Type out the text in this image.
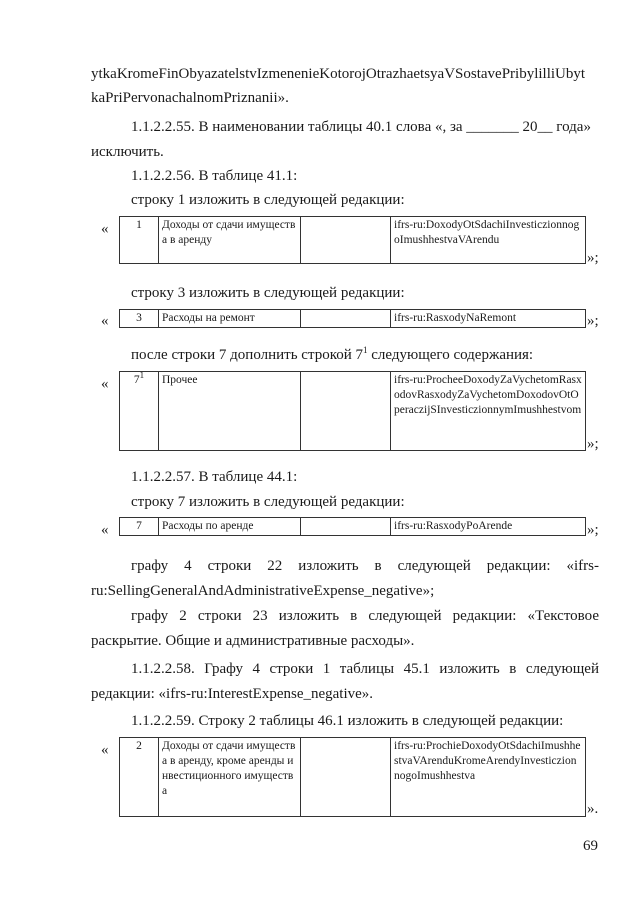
ytkaKromeFinObyazatelstvIzmenenieKotorojOtrazhaetsyaVSostavePribylilliUbyt
kaPriPervonachalnomPriznanii».
1.1.2.2.55. В наименовании таблицы 40.1 слова «, за _______ 20__ года»
исключить.
1.1.2.2.56. В таблице 41.1:
строку 1 изложить в следующей редакции:
« 1	Доходы от сдачи имущества в аренду		ifrs-ru:DoxodyOtSdachiInvesticzionnogoImushhestvaVArendu
»;
строку 3 изложить в следующей редакции:
« 3	Расходы на ремонт		ifrs-ru:RasxodyNaRemont	»;
после строки 7 дополнить строкой $7^1$ следующего содержания:
« $7^1$	Прочее		ifrs-ru:ProcheeDoxodyZaVychetomRasxodovRasxodyZaVychetomDoxodovOtOperaczijSInvesticzionnymImushhestvom
»;
1.1.2.2.57. В таблице 44.1:
строку 7 изложить в следующей редакции:
« 7	Расходы по аренде		ifrs-ru:RasxodyPoArende	»;
графу 4 строки 22 изложить в следующей редакции: «ifrs-
ru:SellingGeneralAndAdministrativeExpense_negative»;
графу 2 строки 23 изложить в следующей редакции: «Текстовое
раскрытие. Общие и административные расходы».
1.1.2.2.58. Графу 4 строки 1 таблицы 45.1 изложить в следующей
редакции: «ifrs-ru:InterestExpense_negative».
1.1.2.2.59. Строку 2 таблицы 46.1 изложить в следующей редакции:
« 2	Доходы от сдачи имущества в аренду, кроме аренды инвестиционного имущества		ifrs-ru:ProchieDoxodyOtSdachiImushhestvaVArenduKromeArendyInvesticzionnogoImushhestva
».
69
